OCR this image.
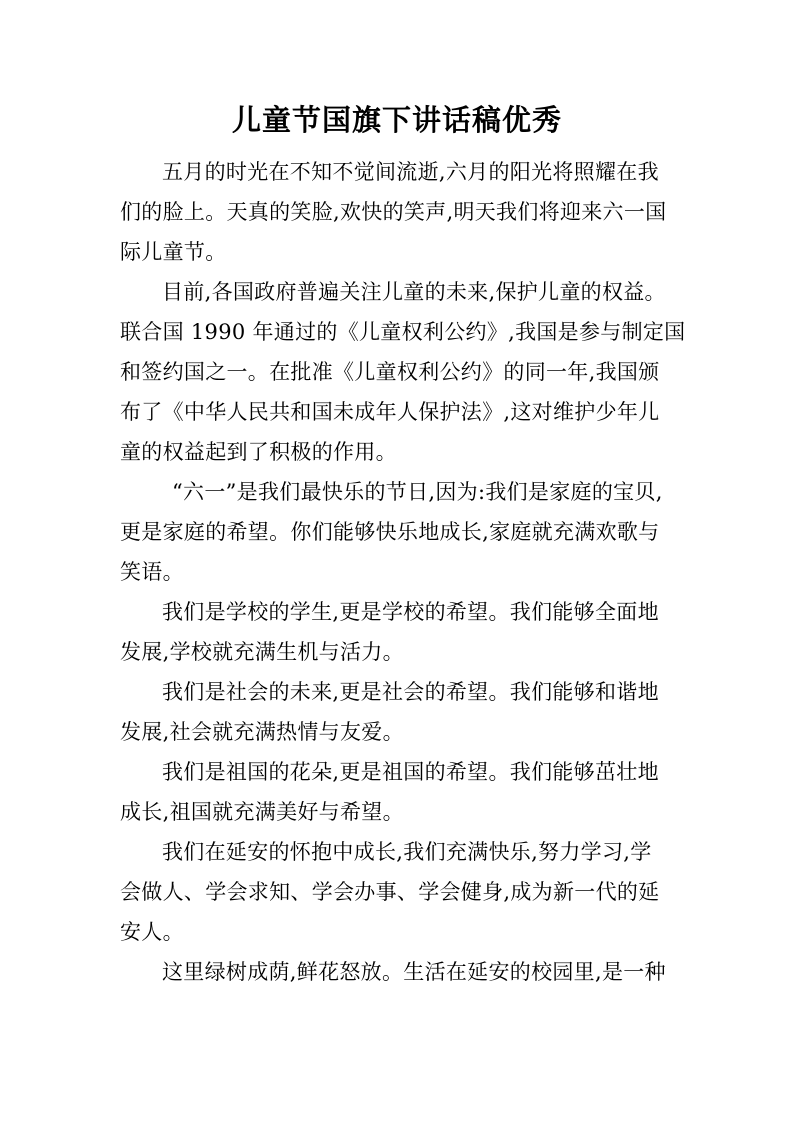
儿童节国旗下讲话稿优秀

五月的时光在不知不觉间流逝,六月的阳光将照耀在我
们的脸上。天真的笑脸,欢快的笑声,明天我们将迎来六一国
际儿童节。

目前,各国政府普遍关注儿童的未来,保护儿童的权益。
联合国 1990 年通过的《儿童权利公约》,我国是参与制定国
和签约国之一。在批准《儿童权利公约》的同一年,我国颁
布了《中华人民共和国未成年人保护法》,这对维护少年儿
童的权益起到了积极的作用。

“六一”是我们最快乐的节日,因为:我们是家庭的宝贝,
更是家庭的希望。你们能够快乐地成长,家庭就充满欢歌与
笑语。

我们是学校的学生,更是学校的希望。我们能够全面地
发展,学校就充满生机与活力。

我们是社会的未来,更是社会的希望。我们能够和谐地
发展,社会就充满热情与友爱。

我们是祖国的花朵,更是祖国的希望。我们能够茁壮地
成长,祖国就充满美好与希望。

我们在延安的怀抱中成长,我们充满快乐,努力学习,学
会做人、学会求知、学会办事、学会健身,成为新一代的延
安人。

这里绿树成荫,鲜花怒放。生活在延安的校园里,是一种
